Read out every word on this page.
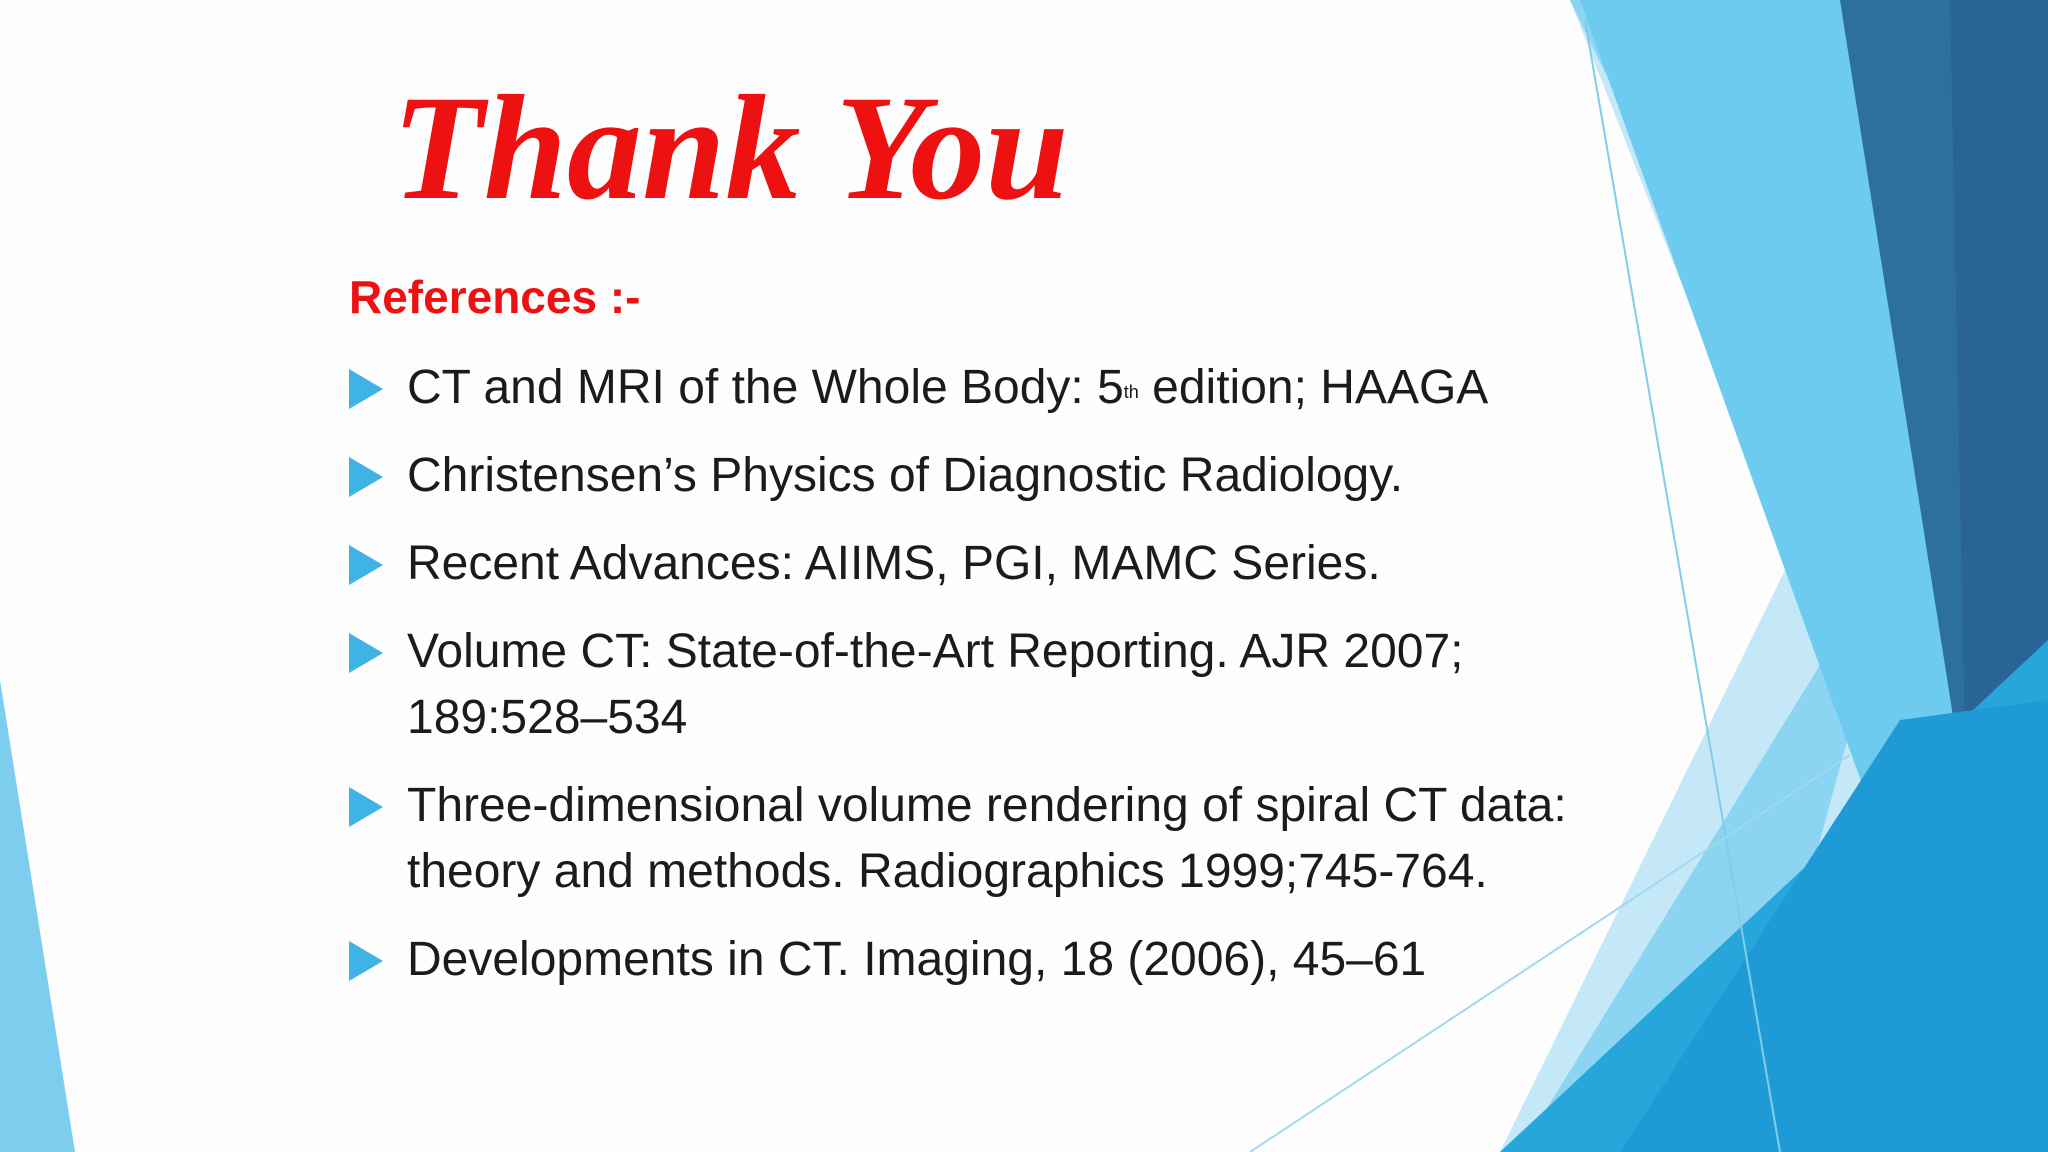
Thank You
References :-
CT and MRI of the Whole Body: 5th edition; HAAGA
Christensen’s Physics of Diagnostic Radiology.
Recent Advances: AIIMS, PGI, MAMC Series.
Volume CT: State-of-the-Art Reporting. AJR 2007; 189:528–534
Three-dimensional volume rendering of spiral CT data: theory and methods. Radiographics 1999;745-764.
Developments in CT. Imaging, 18 (2006), 45–61
